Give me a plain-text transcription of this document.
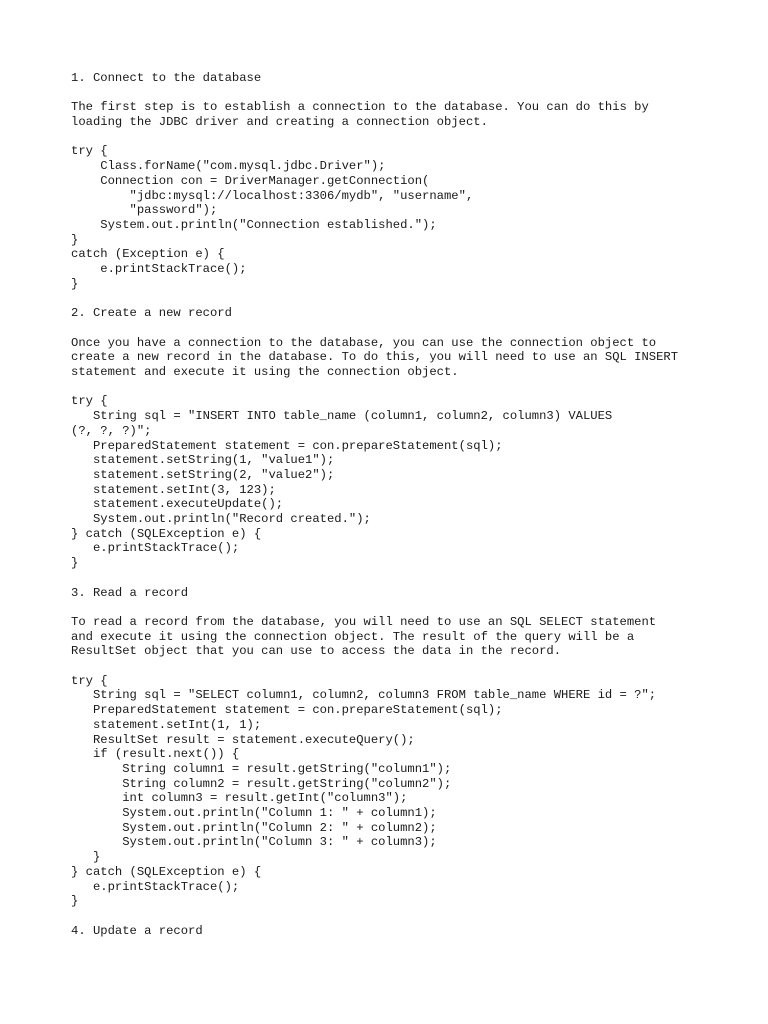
1. Connect to the database

The first step is to establish a connection to the database. You can do this by
loading the JDBC driver and creating a connection object.

try {
Class.forName("com.mysql.jdbc.Driver");
Connection con = DriverManager.getConnection(
"jdbc:mysql://localhost:3306/mydb", "username",
"password");
System.out.println("Connection established.");
}
catch (Exception e) {
e.printStackTrace();
}
2. Create a new record

Once you have a connection to the database, you can use the connection object to
create a new record in the database. To do this, you will need to use an SQL INSERT
statement and execute it using the connection object.

try {
String sql = "INSERT INTO table_name (column1, column2, column3) VALUES
(?, ?, ?)";
PreparedStatement statement = con.prepareStatement(sql);
statement.setString(1, "value1");
statement.setString(2, "value2");
statement.setInt(3, 123);
statement.executeUpdate();
System.out.println("Record created.");
} catch (SQLException e) {
e.printStackTrace();
}
3. Read a record

To read a record from the database, you will need to use an SQL SELECT statement
and execute it using the connection object. The result of the query will be a
ResultSet object that you can use to access the data in the record.

try {
String sql = "SELECT column1, column2, column3 FROM table_name WHERE id = ?";
PreparedStatement statement = con.prepareStatement(sql);
statement.setInt(1, 1);
ResultSet result = statement.executeQuery();
if (result.next()) {
String column1 = result.getString("column1");
String column2 = result.getString("column2");
int column3 = result.getInt("column3");
System.out.println("Column 1: " + column1);
System.out.println("Column 2: " + column2);
System.out.println("Column 3: " + column3);
}
} catch (SQLException e) {
e.printStackTrace();
}
4. Update a record
